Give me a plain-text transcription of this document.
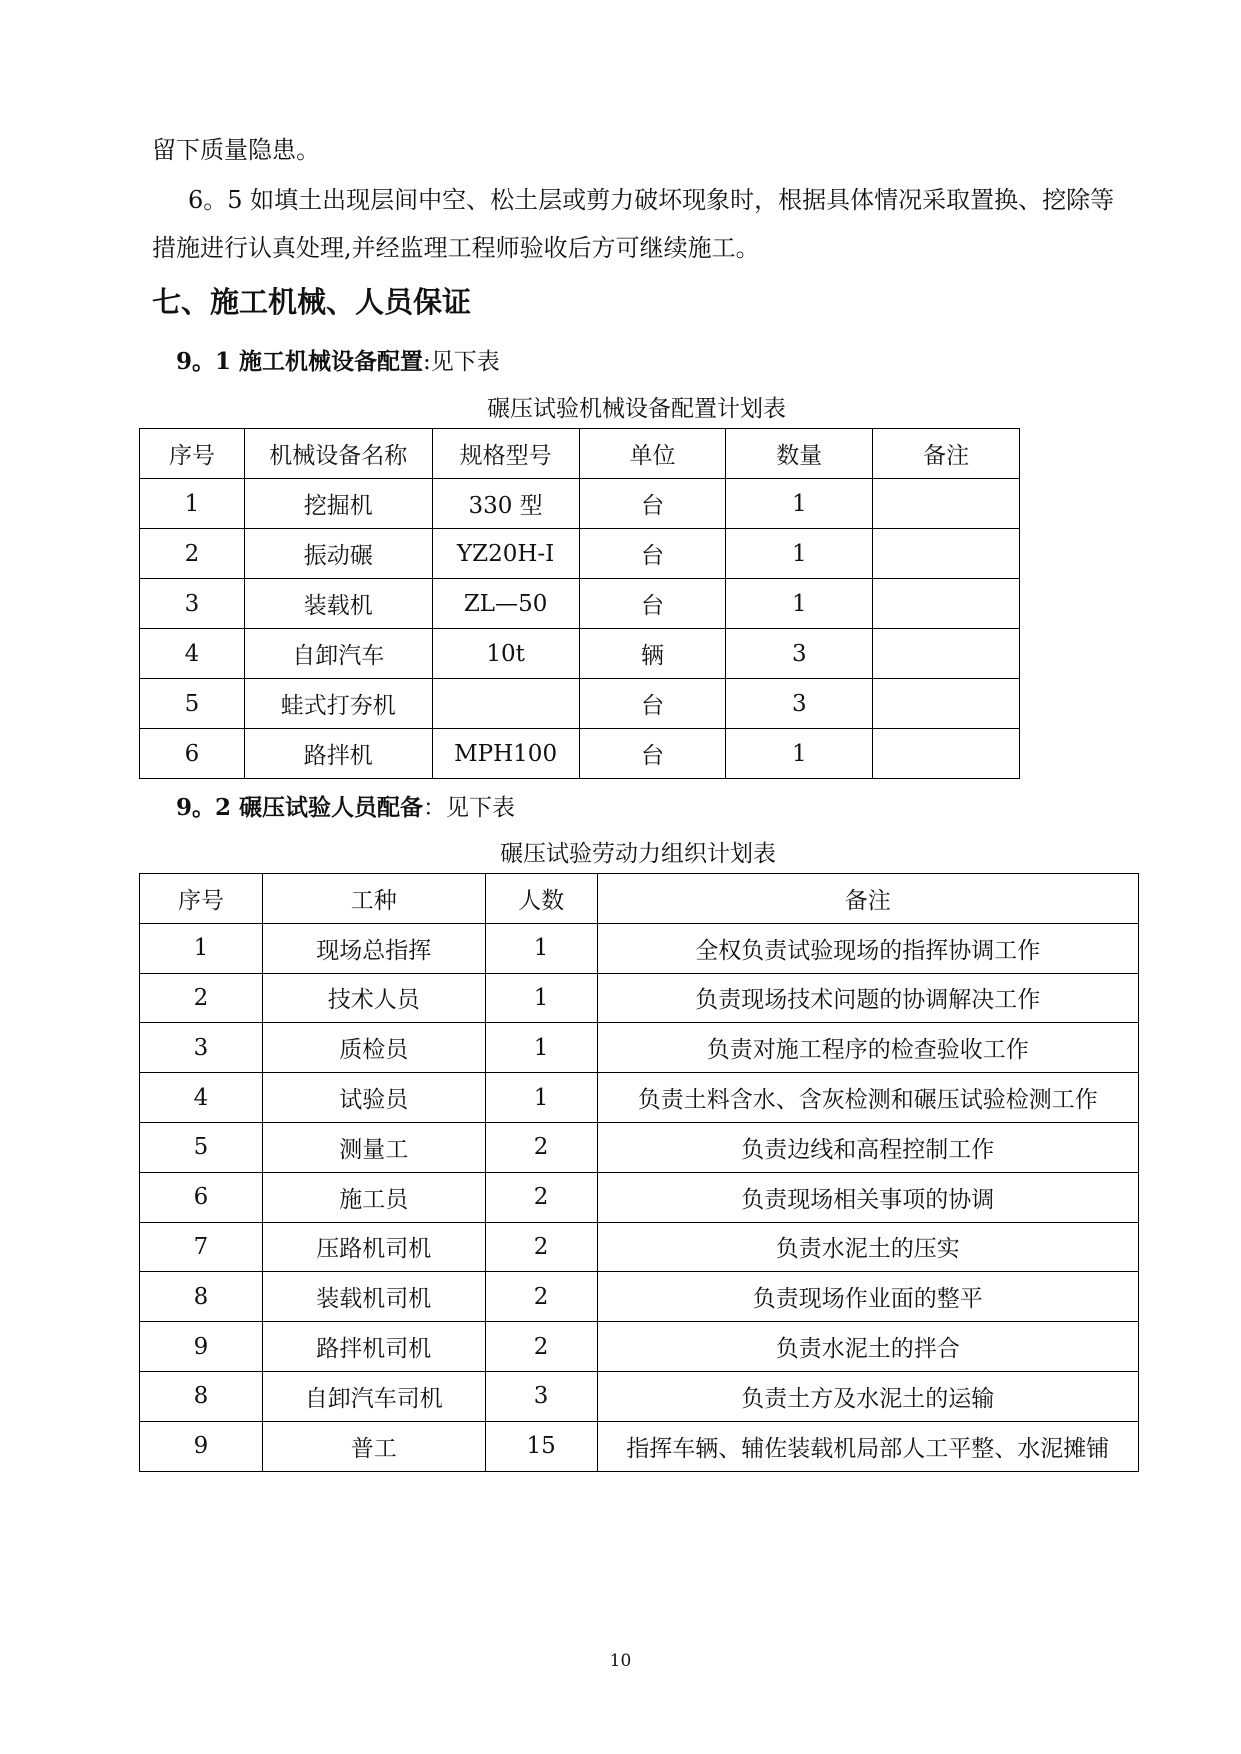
留下质量隐患。
6。5 如填土出现层间中空、松土层或剪力破坏现象时，根据具体情况采取置换、挖除等
措施进行认真处理,并经监理工程师验收后方可继续施工。
七、施工机械、人员保证
9。1 施工机械设备配置:见下表
碾压试验机械设备配置计划表
序号	机械设备名称	规格型号	单位	数量	备注
1	挖掘机	330 型	台	1	
2	振动碾	YZ20H-I	台	1	
3	装载机	ZL—50	台	1	
4	自卸汽车	10t	辆	3	
5	蛙式打夯机		台	3	
6	路拌机	MPH100	台	1	
9。2 碾压试验人员配备：见下表
碾压试验劳动力组织计划表
序号	工种	人数	备注
1	现场总指挥	1	全权负责试验现场的指挥协调工作
2	技术人员	1	负责现场技术问题的协调解决工作
3	质检员	1	负责对施工程序的检查验收工作
4	试验员	1	负责土料含水、含灰检测和碾压试验检测工作
5	测量工	2	负责边线和高程控制工作
6	施工员	2	负责现场相关事项的协调
7	压路机司机	2	负责水泥土的压实
8	装载机司机	2	负责现场作业面的整平
9	路拌机司机	2	负责水泥土的拌合
8	自卸汽车司机	3	负责土方及水泥土的运输
9	普工	15	指挥车辆、辅佐装载机局部人工平整、水泥摊铺
10
